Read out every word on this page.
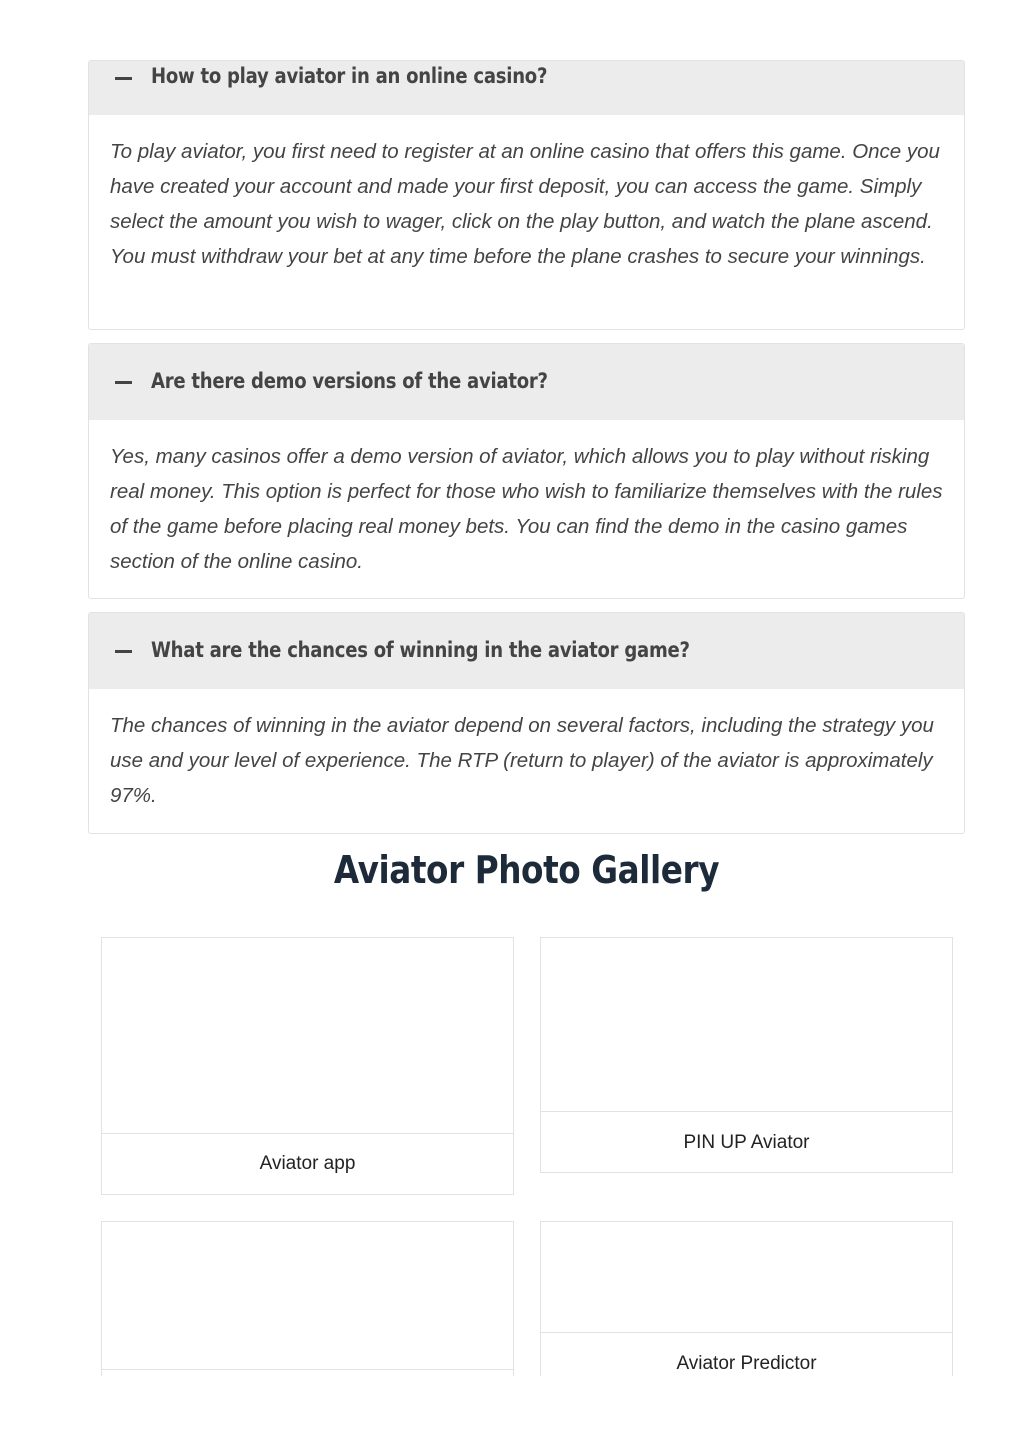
How to play aviator in an online casino?
To play aviator, you first need to register at an online casino that offers this game. Once you have created your account and made your first deposit, you can access the game. Simply select the amount you wish to wager, click on the play button, and watch the plane ascend. You must withdraw your bet at any time before the plane crashes to secure your winnings.
Are there demo versions of the aviator?
Yes, many casinos offer a demo version of aviator, which allows you to play without risking real money. This option is perfect for those who wish to familiarize themselves with the rules of the game before placing real money bets. You can find the demo in the casino games section of the online casino.
What are the chances of winning in the aviator game?
The chances of winning in the aviator depend on several factors, including the strategy you use and your level of experience. The RTP (return to player) of the aviator is approximately 97%.
Aviator Photo Gallery
Aviator app
PIN UP Aviator
Aviator Predictor
